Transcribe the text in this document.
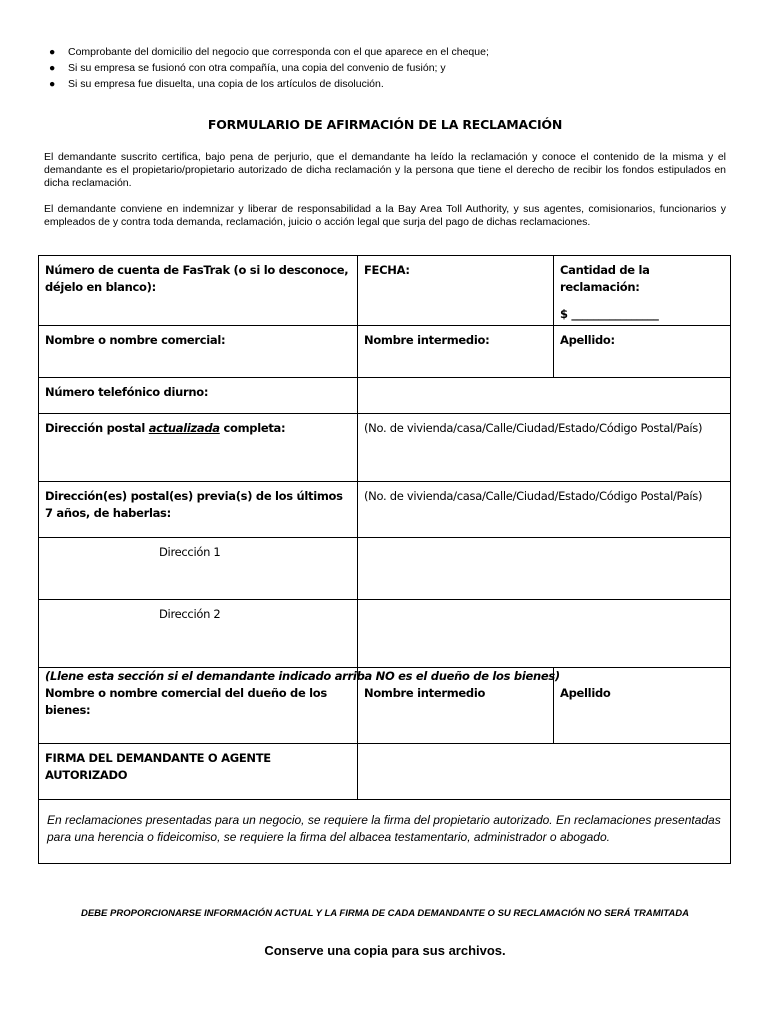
● Comprobante del domicilio del negocio que corresponda con el que aparece en el cheque;
● Si su empresa se fusionó con otra compañía, una copia del convenio de fusión; y
● Si su empresa fue disuelta, una copia de los artículos de disolución.
FORMULARIO DE AFIRMACIÓN DE LA RECLAMACIÓN

El demandante suscrito certifica, bajo pena de perjurio, que el demandante ha leído la reclamación y conoce el contenido de la misma y el demandante es el propietario/propietario autorizado de dicha reclamación y la persona que tiene el derecho de recibir los fondos estipulados en dicha reclamación.

El demandante conviene en indemnizar y liberar de responsabilidad a la Bay Area Toll Authority, y sus agentes, comisionarios, funcionarios y empleados de y contra toda demanda, reclamación, juicio o acción legal que surja del pago de dichas reclamaciones.

Número de cuenta de FasTrak (o si lo desconoce, déjelo en blanco):	FECHA:	Cantidad de la reclamación:
$ ________________

Nombre o nombre comercial:	Nombre intermedio:	Apellido:
Número telefónico diurno:		
Dirección postal actualizada completa:	(No. de vivienda/casa/Calle/Ciudad/Estado/Código Postal/País)	
Dirección(es) postal(es) previa(s) de los últimos 7 años, de haberlas:	(No. de vivienda/casa/Calle/Ciudad/Estado/Código Postal/País)	
Dirección 1		
Dirección 2		

(Llene esta sección si el demandante indicado arriba NO es el dueño de los bienes)
Nombre o nombre comercial del dueño de los bienes:	Nombre intermedio	Apellido
FIRMA DEL DEMANDANTE O AGENTE AUTORIZADO		
En reclamaciones presentadas para un negocio, se requiere la firma del propietario autorizado. En reclamaciones presentadas para una herencia o fideicomiso, se requiere la firma del albacea testamentario, administrador o abogado.		
DEBE PROPORCIONARSE INFORMACIÓN ACTUAL Y LA FIRMA DE CADA DEMANDANTE O SU RECLAMACIÓN NO SERÁ TRAMITADA
Conserve una copia para sus archivos.
